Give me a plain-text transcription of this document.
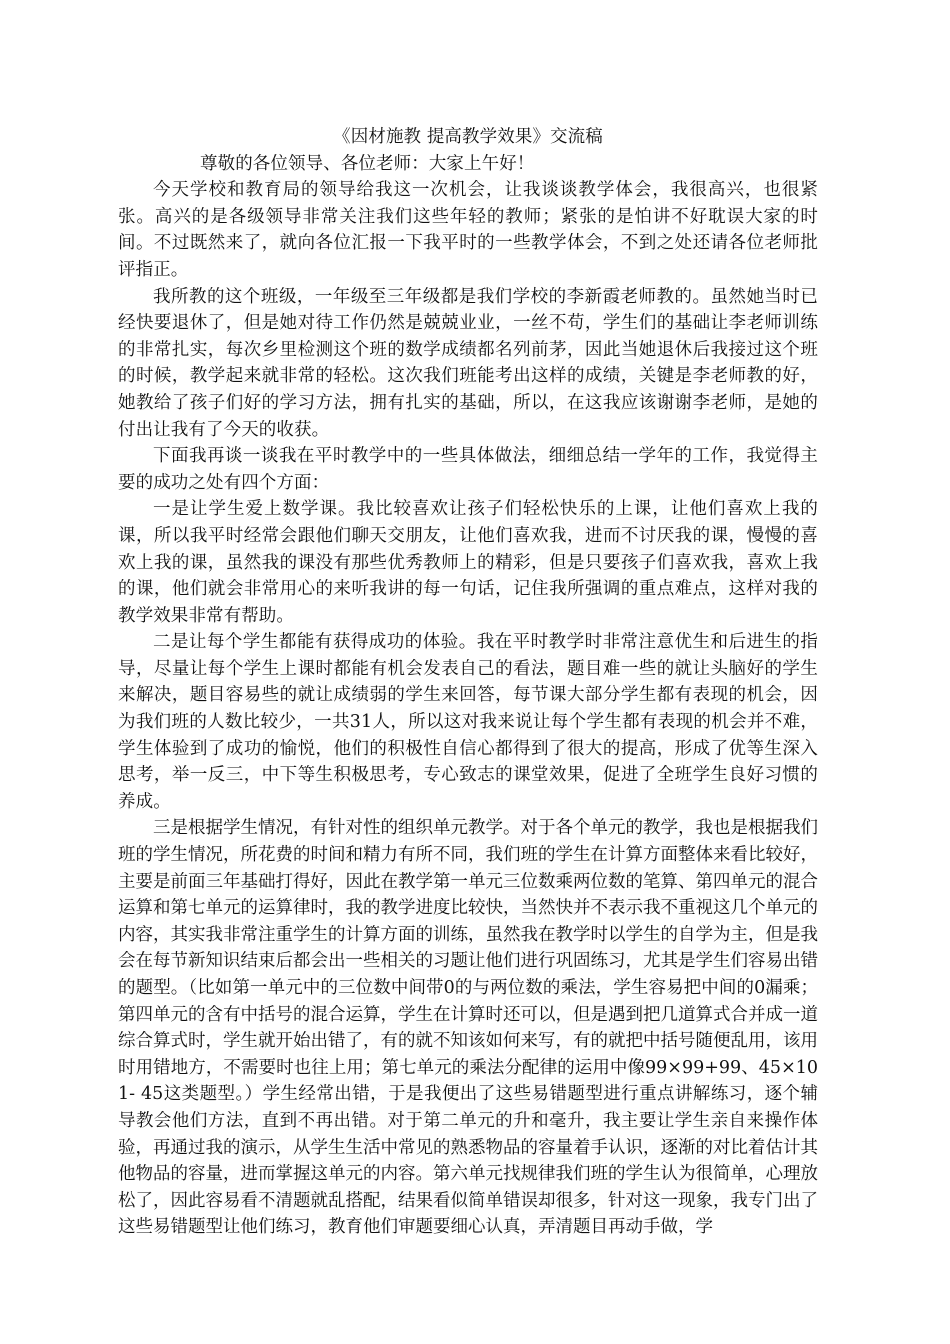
《因材施教 提高教学效果》交流稿

尊敬的各位领导、各位老师：大家上午好！

今天学校和教育局的领导给我这一次机会，让我谈谈教学体会，我很高兴，也很紧张。高兴的是各级领导非常关注我们这些年轻的教师；紧张的是怕讲不好耽误大家的时间。不过既然来了，就向各位汇报一下我平时的一些教学体会，不到之处还请各位老师批评指正。

我所教的这个班级，一年级至三年级都是我们学校的李新霞老师教的。虽然她当时已经快要退休了，但是她对待工作仍然是兢兢业业，一丝不苟，学生们的基础让李老师训练的非常扎实，每次乡里检测这个班的数学成绩都名列前茅，因此当她退休后我接过这个班的时候，教学起来就非常的轻松。这次我们班能考出这样的成绩，关键是李老师教的好，她教给了孩子们好的学习方法，拥有扎实的基础，所以，在这我应该谢谢李老师，是她的付出让我有了今天的收获。

下面我再谈一谈我在平时教学中的一些具体做法，细细总结一学年的工作，我觉得主要的成功之处有四个方面：

一是让学生爱上数学课。我比较喜欢让孩子们轻松快乐的上课，让他们喜欢上我的课，所以我平时经常会跟他们聊天交朋友，让他们喜欢我，进而不讨厌我的课，慢慢的喜欢上我的课，虽然我的课没有那些优秀教师上的精彩，但是只要孩子们喜欢我，喜欢上我的课，他们就会非常用心的来听我讲的每一句话，记住我所强调的重点难点，这样对我的教学效果非常有帮助。

二是让每个学生都能有获得成功的体验。我在平时教学时非常注意优生和后进生的指导，尽量让每个学生上课时都能有机会发表自己的看法，题目难一些的就让头脑好的学生来解决，题目容易些的就让成绩弱的学生来回答，每节课大部分学生都有表现的机会，因为我们班的人数比较少，一共31人，所以这对我来说让每个学生都有表现的机会并不难，学生体验到了成功的愉悦，他们的积极性自信心都得到了很大的提高，形成了优等生深入思考，举一反三，中下等生积极思考，专心致志的课堂效果，促进了全班学生良好习惯的养成。

三是根据学生情况，有针对性的组织单元教学。对于各个单元的教学，我也是根据我们班的学生情况，所花费的时间和精力有所不同，我们班的学生在计算方面整体来看比较好，主要是前面三年基础打得好，因此在教学第一单元三位数乘两位数的笔算、第四单元的混合运算和第七单元的运算律时，我的教学进度比较快，当然快并不表示我不重视这几个单元的内容，其实我非常注重学生的计算方面的训练，虽然我在教学时以学生的自学为主，但是我会在每节新知识结束后都会出一些相关的习题让他们进行巩固练习，尤其是学生们容易出错的题型。（比如第一单元中的三位数中间带0的与两位数的乘法，学生容易把中间的0漏乘；第四单元的含有中括号的混合运算，学生在计算时还可以，但是遇到把几道算式合并成一道综合算式时，学生就开始出错了，有的就不知该如何来写，有的就把中括号随便乱用，该用时用错地方，不需要时也往上用；第七单元的乘法分配律的运用中像99×99+99、45×101- 45这类题型。）学生经常出错，于是我便出了这些易错题型进行重点讲解练习，逐个辅导教会他们方法，直到不再出错。对于第二单元的升和毫升，我主要让学生亲自来操作体验，再通过我的演示，从学生生活中常见的熟悉物品的容量着手认识，逐渐的对比着估计其他物品的容量，进而掌握这单元的内容。第六单元找规律我们班的学生认为很简单，心理放松了，因此容易看不清题就乱搭配，结果看似简单错误却很多，针对这一现象，我专门出了这些易错题型让他们练习，教育他们审题要细心认真，弄清题目再动手做，学
